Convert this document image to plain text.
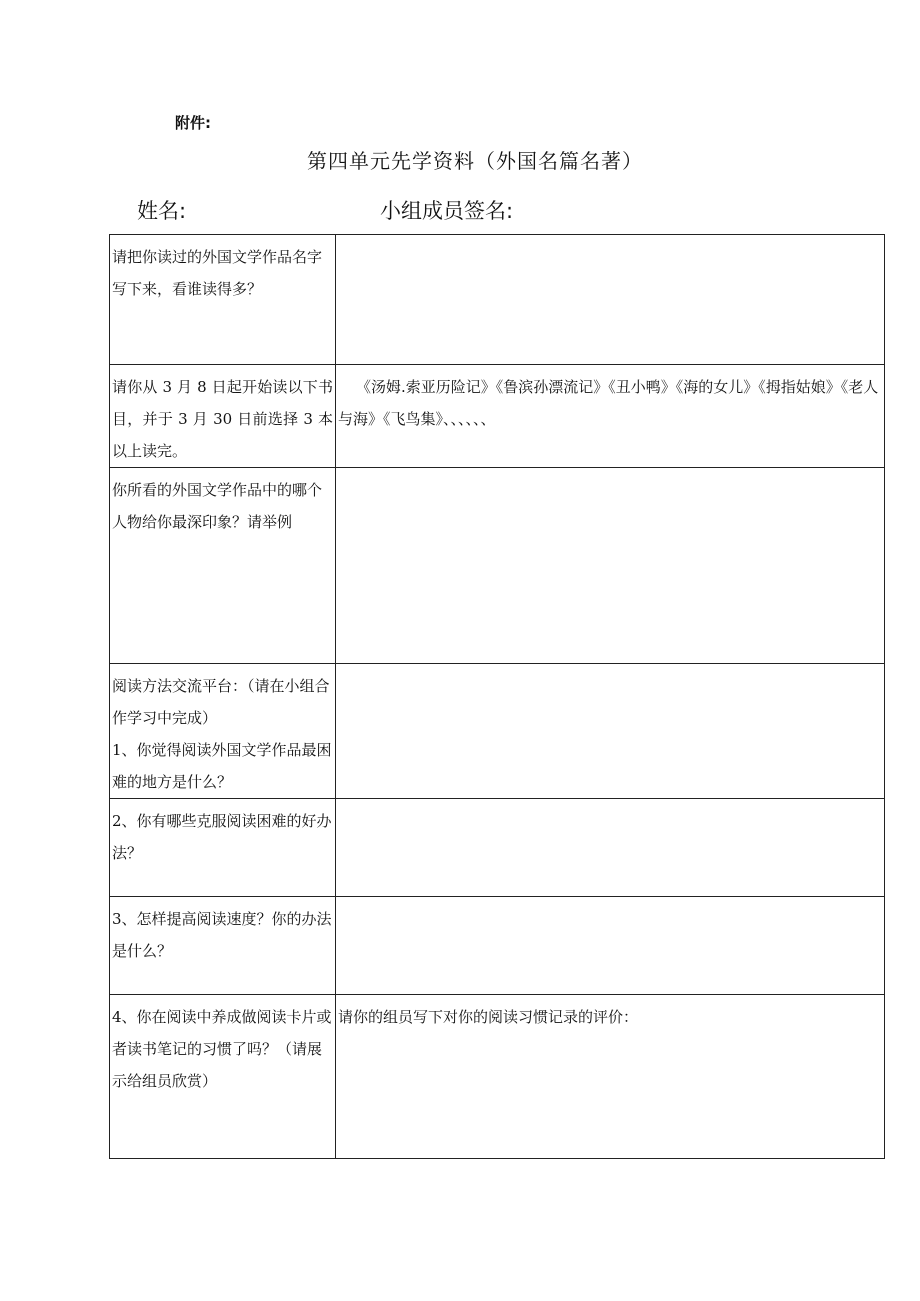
附件:
第四单元先学资料（外国名篇名著）
姓名:	小组成员签名:
请把你读过的外国文学作品名字写下来，看谁读得多？	
请你从 3 月 8 日起开始读以下书目，并于 3 月 30 日前选择 3 本以上读完。	《汤姆.索亚历险记》《鲁滨孙漂流记》《丑小鸭》《海的女儿》《拇指姑娘》《老人与海》《飞鸟集》、、、、、、
你所看的外国文学作品中的哪个人物给你最深印象？请举例	

阅读方法交流平台：（请在小组合作学习中完成）
1、你觉得阅读外国文学作品最困难的地方是什么？	

2、你有哪些克服阅读困难的好办法？	
3、怎样提高阅读速度？你的办法是什么？	
4、你在阅读中养成做阅读卡片或者读书笔记的习惯了吗？（请展示给组员欣赏）	请你的组员写下对你的阅读习惯记录的评价：
